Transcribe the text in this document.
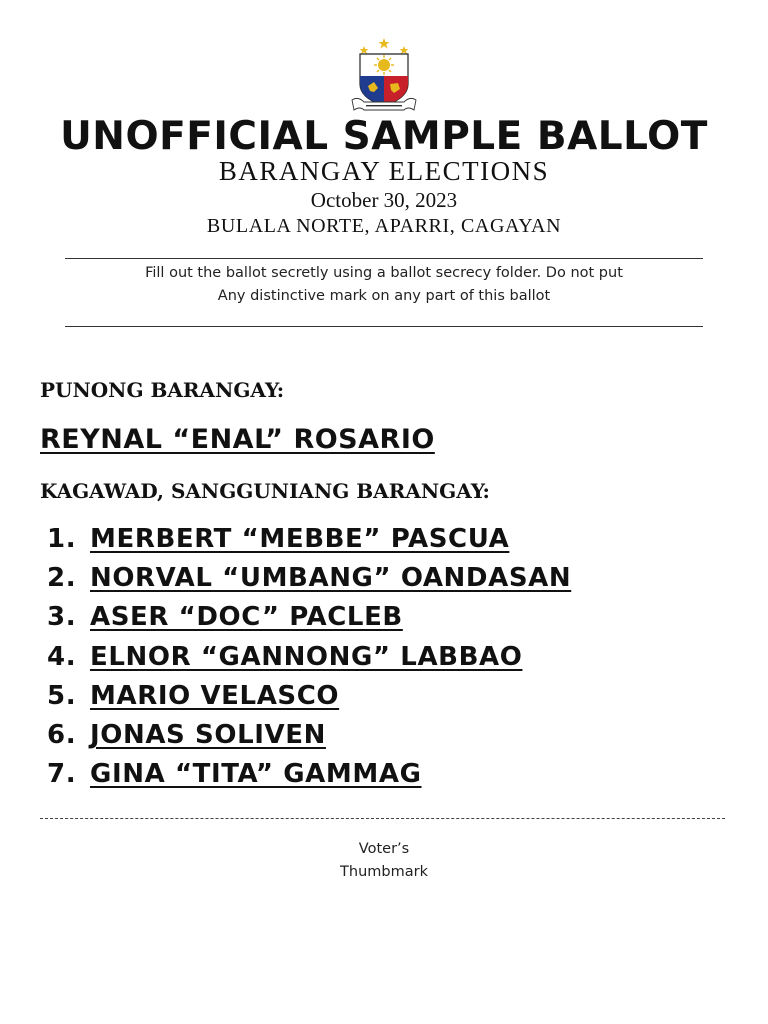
UNOFFICIAL SAMPLE BALLOT
BARANGAY ELECTIONS
October 30, 2023
BULALA NORTE, APARRI, CAGAYAN
Fill out the ballot secretly using a ballot secrecy folder. Do not put
Any distinctive mark on any part of this ballot
PUNONG BARANGAY:
REYNAL “ENAL” ROSARIO
KAGAWAD, SANGGUNIANG BARANGAY:
1. MERBERT “MEBBE” PASCUA
2. NORVAL “UMBANG” OANDASAN
3. ASER “DOC” PACLEB
4. ELNOR “GANNONG” LABBAO
5. MARIO VELASCO
6. JONAS SOLIVEN
7. GINA “TITA” GAMMAG
Voter’s
Thumbmark
